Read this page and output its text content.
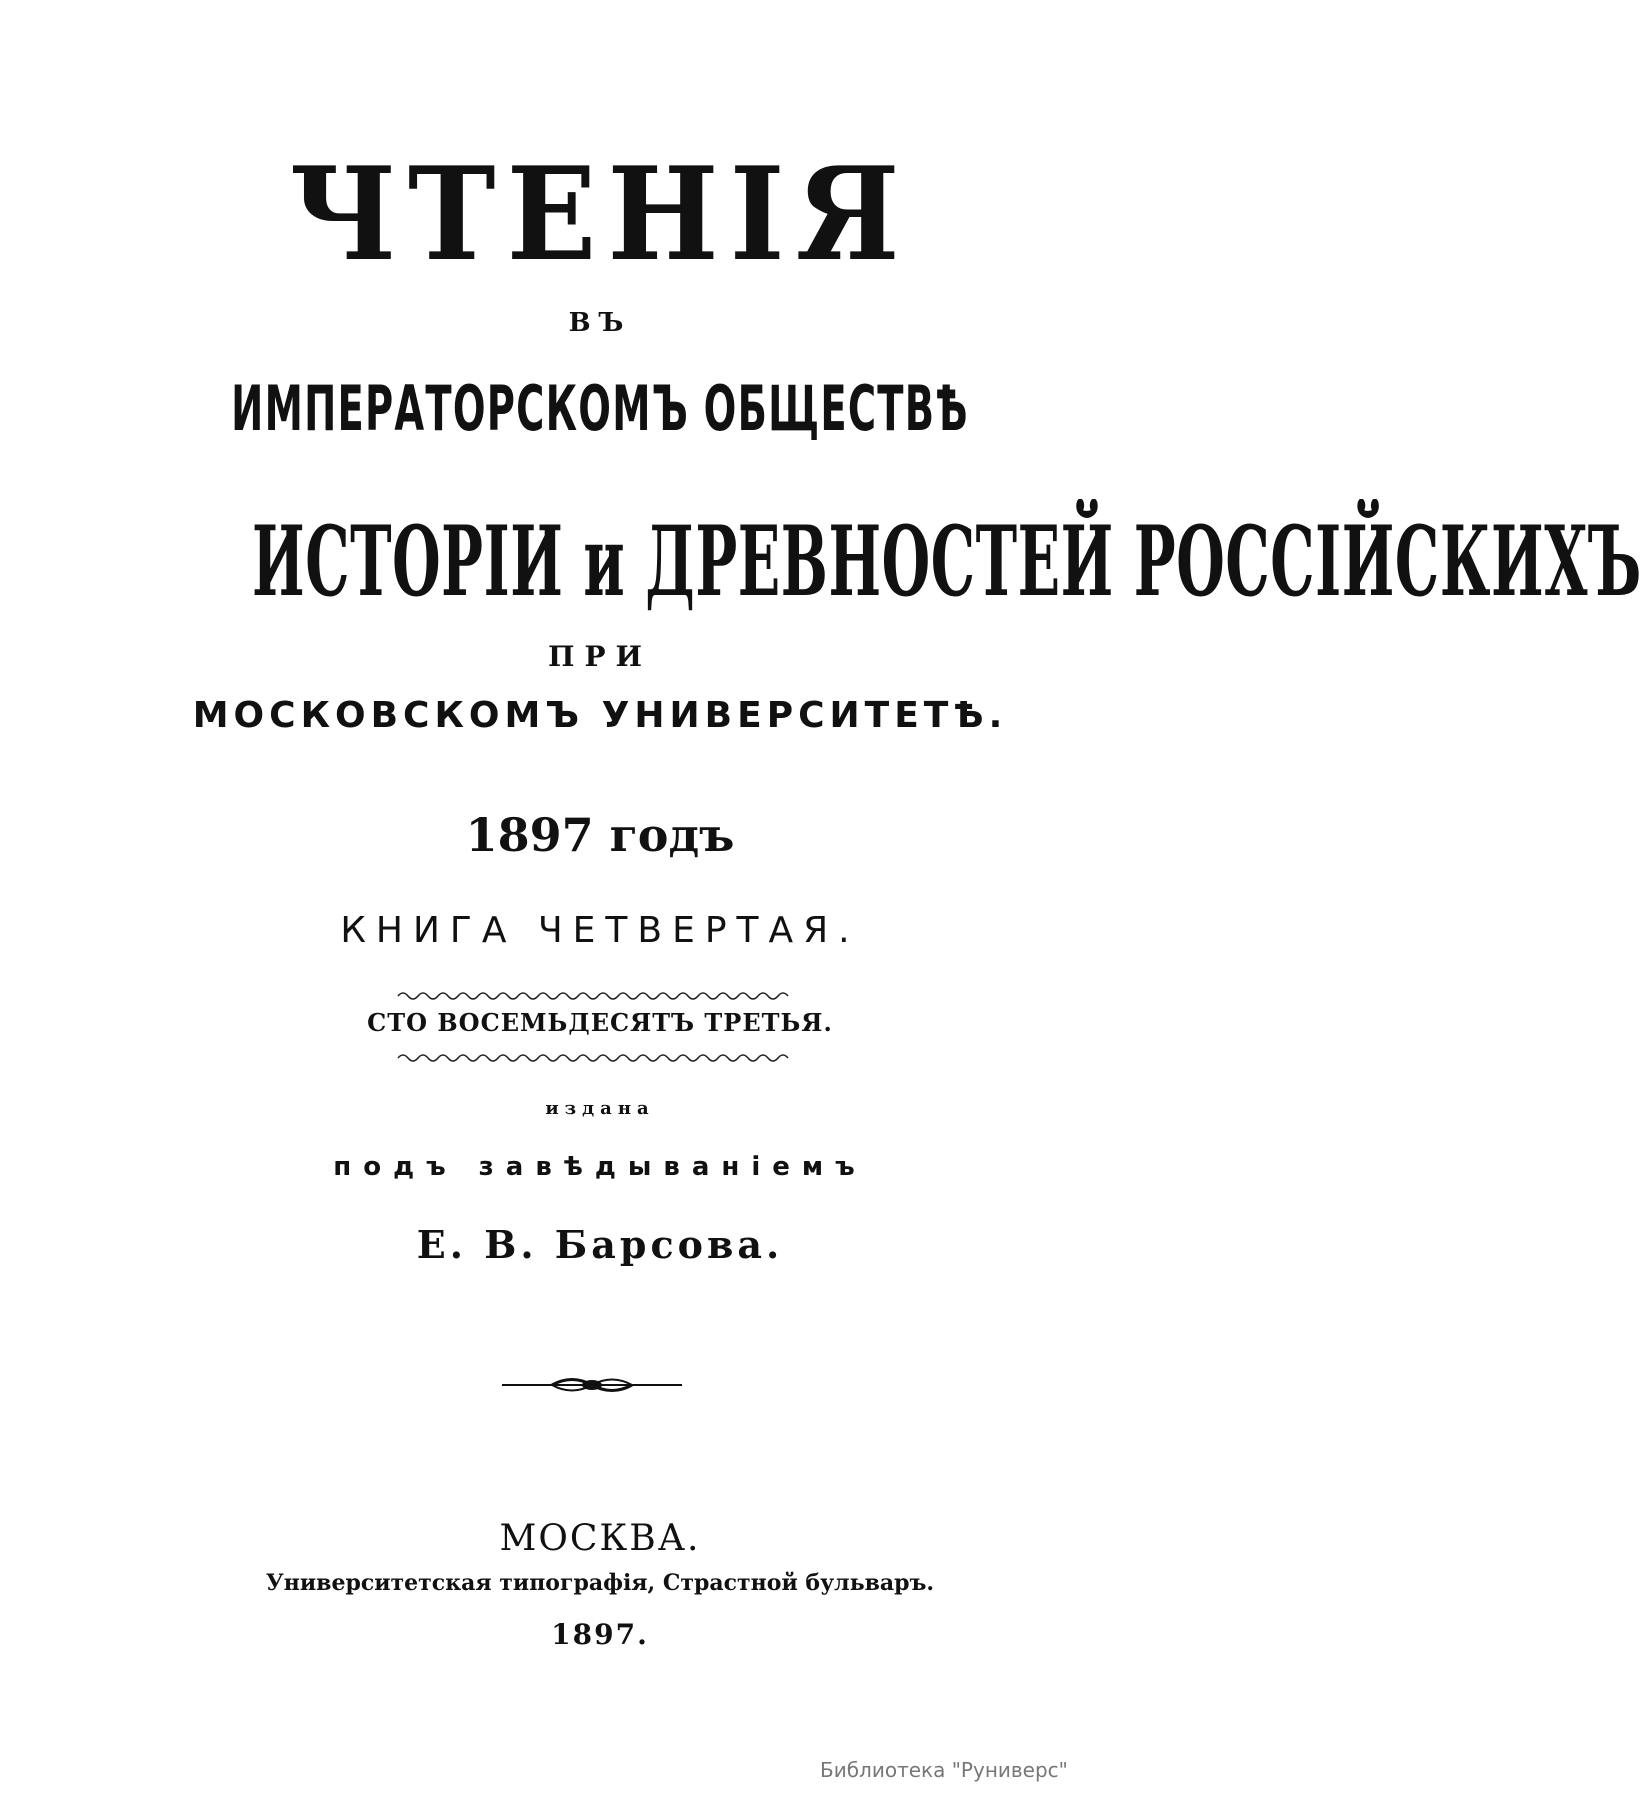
ЧТЕНІЯ
ВЪ
ИМПЕРАТОРСКОМЪ ОБЩЕСТВѢ
ИСТОРІИ и ДРЕВНОСТЕЙ РОССІЙСКИХЪ
ПРИ
МОСКОВСКОМЪ УНИВЕРСИТЕТѢ.
1897 годъ
КНИГА ЧЕТВЕРТАЯ.
СТО ВОСЕМЬДЕСЯТЪ ТРЕТЬЯ.
издана
подъ завѣдываніемъ
Е. В. Барсова.
МОСКВА.
Университетская типографія, Страстной бульваръ.
1897.
Библиотека "Руниверс"
